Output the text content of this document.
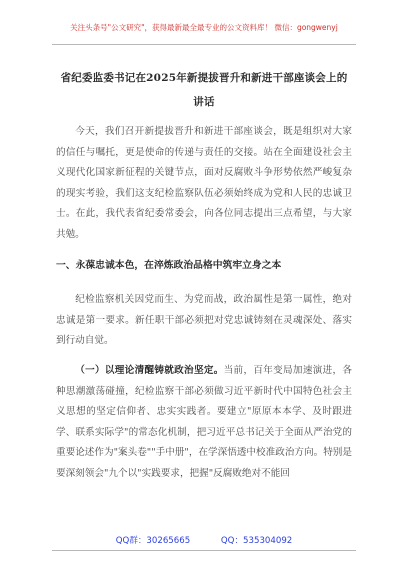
关注头条号"公文研究"，获得最新最全最专业的公文资料库！ 微信：gongwenyj
省纪委监委书记在2025年新提拔晋升和新进干部座谈会上的讲话
今天，我们召开新提拔晋升和新进干部座谈会，既是组织对大家的信任与嘱托，更是使命的传递与责任的交接。站在全面建设社会主义现代化国家新征程的关键节点，面对反腐败斗争形势依然严峻复杂的现实考验，我们这支纪检监察队伍必须始终成为党和人民的忠诚卫士。在此，我代表省纪委常委会，向各位同志提出三点希望，与大家共勉。
一、永葆忠诚本色，在淬炼政治品格中筑牢立身之本
纪检监察机关因党而生、为党而战，政治属性是第一属性，绝对忠诚是第一要求。新任职干部必须把对党忠诚铸刻在灵魂深处、落实到行动自觉。
（一）以理论清醒铸就政治坚定。当前，百年变局加速演进，各种思潮激荡碰撞，纪检监察干部必须做习近平新时代中国特色社会主义思想的坚定信仰者、忠实实践者。要建立"原原本本学、及时跟进学、联系实际学"的常态化机制，把习近平总书记关于全面从严治党的重要论述作为"案头卷""手中册"，在学深悟透中校准政治方向。特别是要深刻领会"九个以"实践要求，把握"反腐败绝对不能回
QQ群：30265665	QQ：535304092
